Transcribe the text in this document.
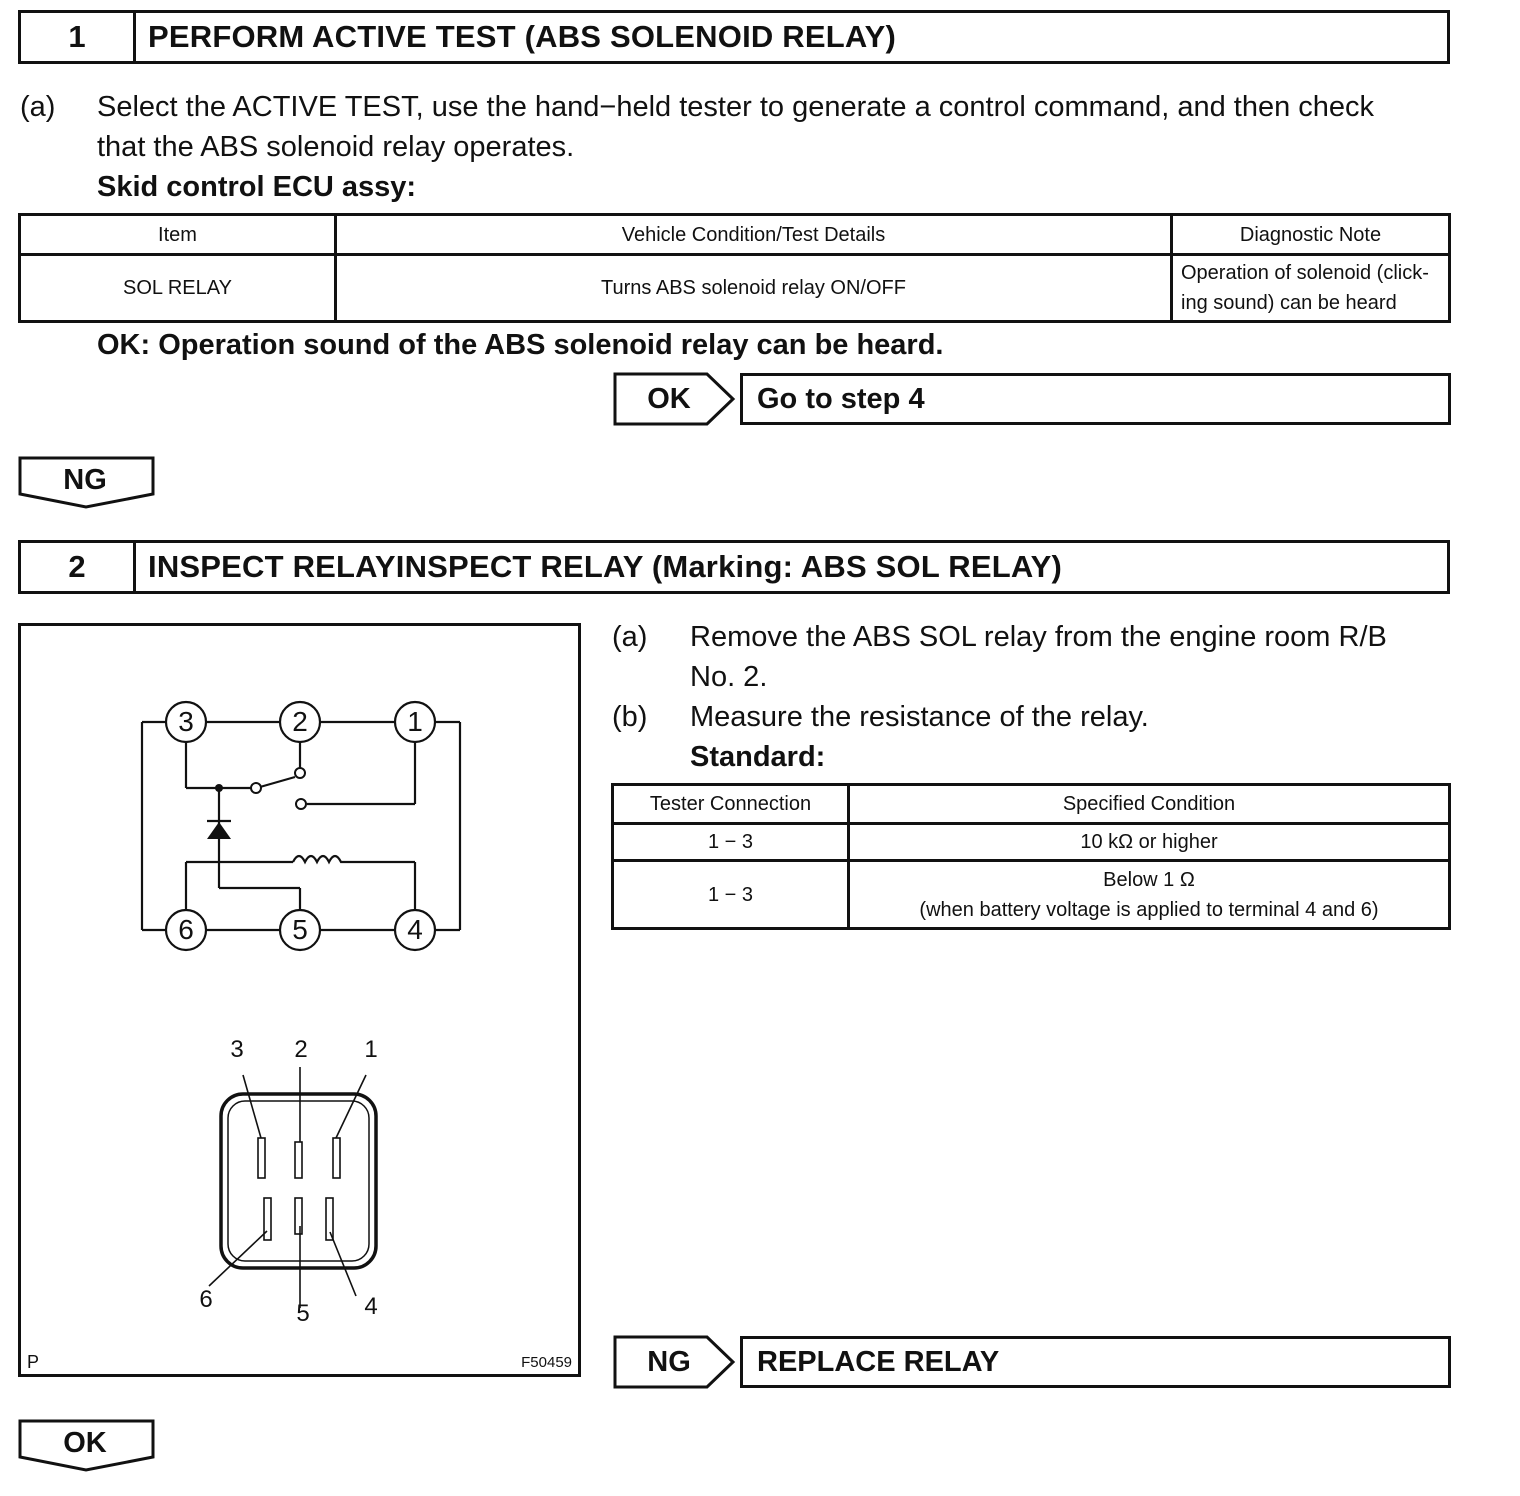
1	PERFORM ACTIVE TEST (ABS SOLENOID RELAY)
(a) Select the ACTIVE TEST, use the hand−held tester to generate a control command, and then check
that the ABS solenoid relay operates.
Skid control ECU assy:
Item	Vehicle Condition/Test Details	Diagnostic Note
SOL RELAY	Turns ABS solenoid relay ON/OFF	Operation of solenoid (click-
ing sound) can be heard
OK: Operation sound of the ABS solenoid relay can be heard.
OK	Go to step 4
NG
2	INSPECT RELAYINSPECT RELAY (Marking: ABS SOL RELAY)
3	2	1
6	5	4
3 2 1
6
5 4
P	F50459
(a) Remove the ABS SOL relay from the engine room R/B
No. 2.
(b) Measure the resistance of the relay.
Standard:
Tester Connection	Specified Condition
1 − 3	10 kΩ or higher
1 − 3	Below 1 Ω
(when battery voltage is applied to terminal 4 and 6)
NG	REPLACE RELAY
OK
